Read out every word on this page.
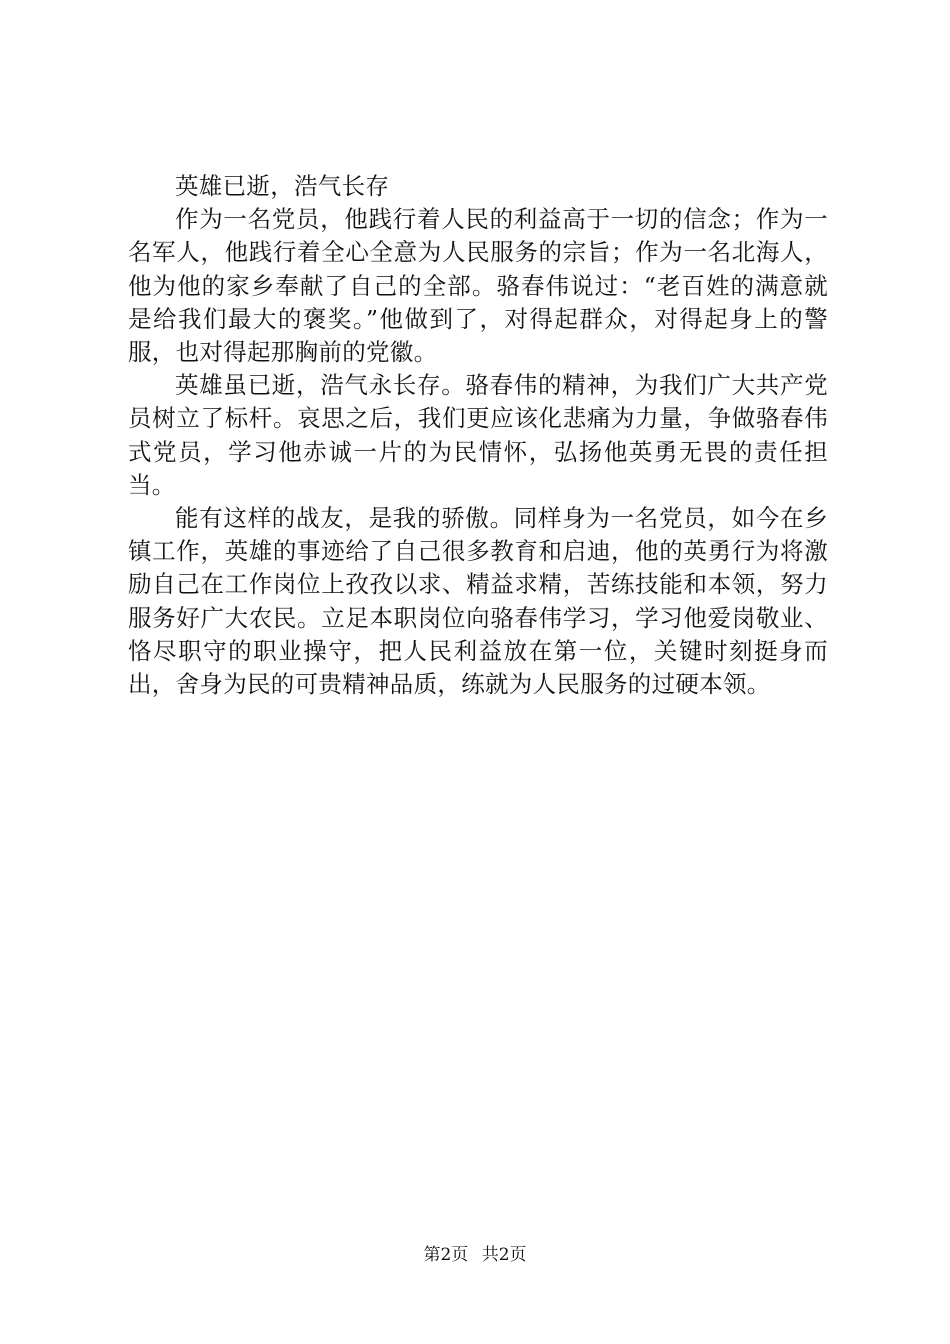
英雄已逝，浩气长存

作为一名党员，他践行着人民的利益高于一切的信念；作为一名军人，他践行着全心全意为人民服务的宗旨；作为一名北海人，他为他的家乡奉献了自己的全部。骆春伟说过：“老百姓的满意就是给我们最大的褒奖。”他做到了，对得起群众，对得起身上的警服，也对得起那胸前的党徽。

英雄虽已逝，浩气永长存。骆春伟的精神，为我们广大共产党员树立了标杆。哀思之后，我们更应该化悲痛为力量，争做骆春伟式党员，学习他赤诚一片的为民情怀，弘扬他英勇无畏的责任担当。

能有这样的战友，是我的骄傲。同样身为一名党员，如今在乡镇工作，英雄的事迹给了自己很多教育和启迪，他的英勇行为将激励自己在工作岗位上孜孜以求、精益求精，苦练技能和本领，努力服务好广大农民。立足本职岗位向骆春伟学习，学习他爱岗敬业、恪尽职守的职业操守，把人民利益放在第一位，关键时刻挺身而出，舍身为民的可贵精神品质，练就为人民服务的过硬本领。

第2页 共2页
